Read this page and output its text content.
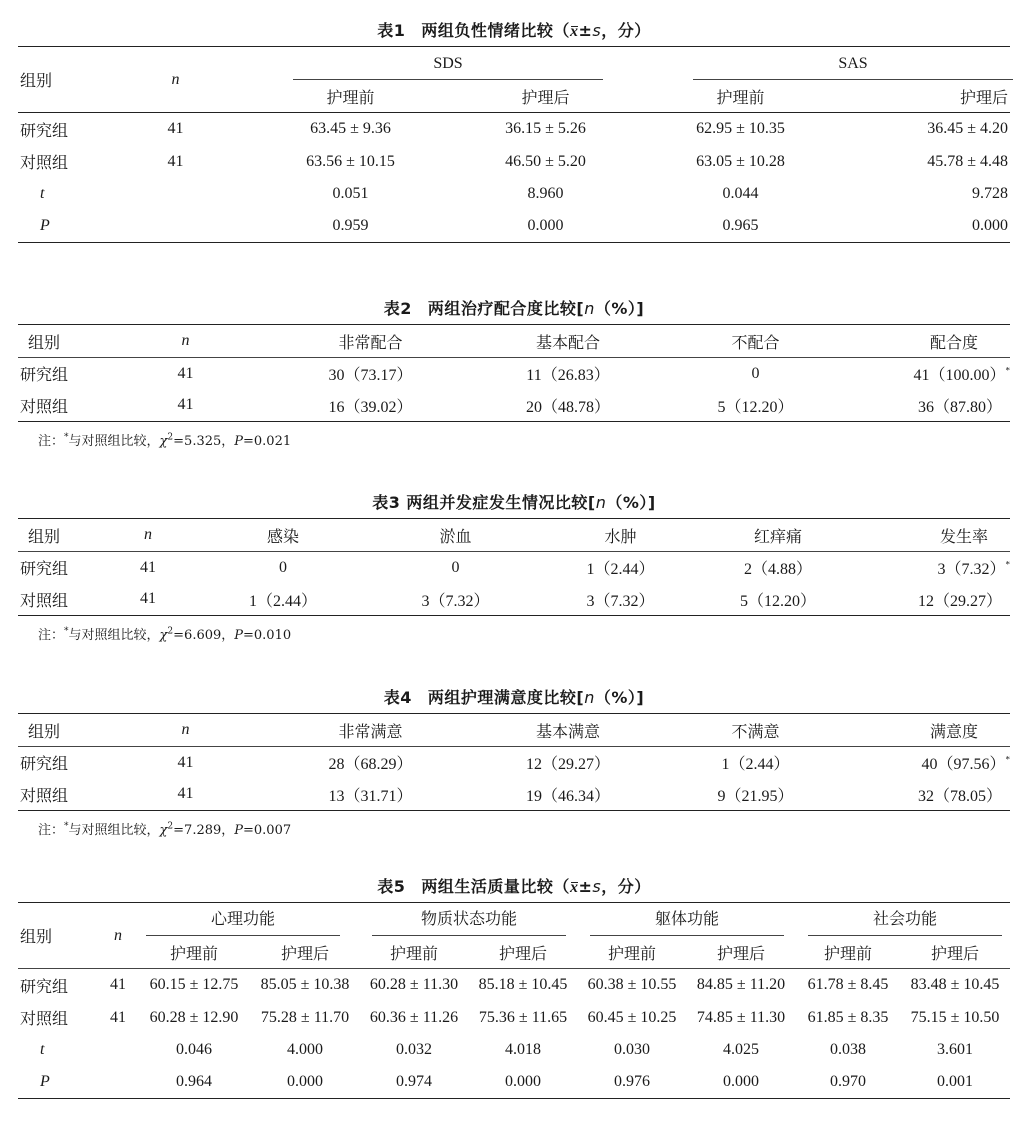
表1 两组负性情绪比较（x±s，分）
组别	n	SDS		SAS	

		护理前	护理后	护理前	护理后
研究组	41	63.45 ± 9.36	36.15 ± 5.26	62.95 ± 10.35	36.45 ± 4.20
对照组	41	63.56 ± 10.15	46.50 ± 5.20	63.05 ± 10.28	45.78 ± 4.48
t		0.051	8.960	0.044	9.728
P		0.959	0.000	0.965	0.000
表2 两组治疗配合度比较[n（%）]
组别	n	非常配合	基本配合	不配合	配合度
研究组	41	30（73.17）	11（26.83）	0	41（100.00）*
对照组	41	16（39.02）	20（48.78）	5（12.20）	36（87.80）
注：*与对照组比较，$\chi^2=5.325$，P=0.021
表3 两组并发症发生情况比较[n（%）]
组别	n	感染	淤血	水肿	红痒痛	发生率
研究组	41	0	0	1（2.44）	2（4.88）	3（7.32）*
对照组	41	1（2.44）	3（7.32）	3（7.32）	5（12.20）	12（29.27）
注：*与对照组比较，$\chi^2=6.609$，P=0.010
表4 两组护理满意度比较[n（%）]
组别	n	非常满意	基本满意	不满意	满意度
研究组	41	28（68.29）	12（29.27）	1（2.44）	40（97.56）*
对照组	41	13（31.71）	19（46.34）	9（21.95）	32（78.05）
注：*与对照组比较，$\chi^2=7.289$，P=0.007
表5 两组生活质量比较（x±s，分）
组别	n	心理功能		物质状态功能		躯体功能		社会功能	

		护理前	护理后	护理前	护理后	护理前	护理后	护理前	护理后
研究组	41	60.15 ± 12.75	85.05 ± 10.38	60.28 ± 11.30	85.18 ± 10.45	60.38 ± 10.55	84.85 ± 11.20	61.78 ± 8.45	83.48 ± 10.45
对照组	41	60.28 ± 12.90	75.28 ± 11.70	60.36 ± 11.26	75.36 ± 11.65	60.45 ± 10.25	74.85 ± 11.30	61.85 ± 8.35	75.15 ± 10.50
t		0.046	4.000	0.032	4.018	0.030	4.025	0.038	3.601
P		0.964	0.000	0.974	0.000	0.976	0.000	0.970	0.001
